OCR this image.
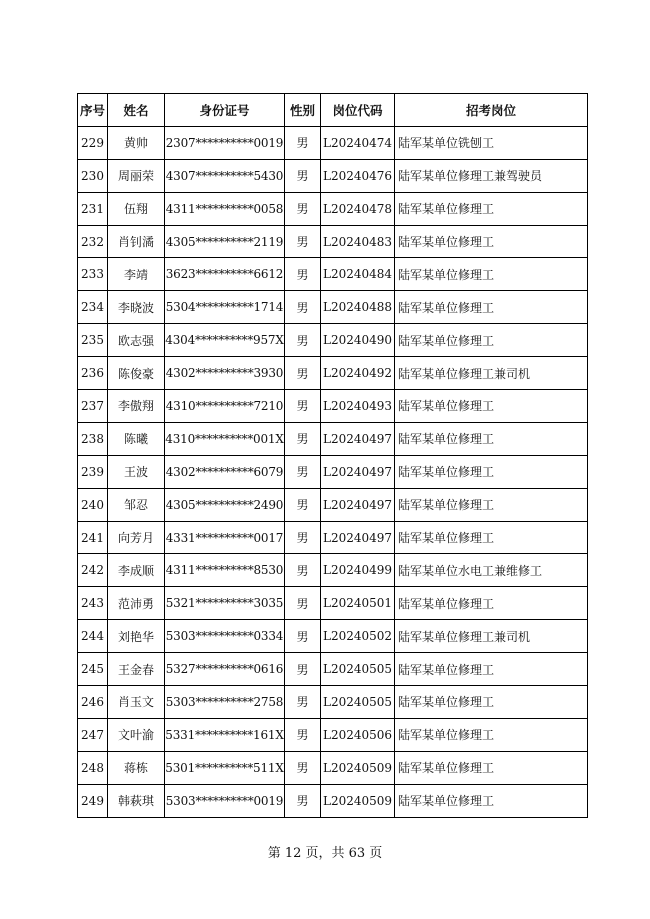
序号	姓名	身份证号	性别	岗位代码	招考岗位
229	黄帅	2307**********0019	男	L20240474	陆军某单位铣刨工
230	周丽荣	4307**********5430	男	L20240476	陆军某单位修理工兼驾驶员
231	伍翔	4311**********0058	男	L20240478	陆军某单位修理工
232	肖钊潏	4305**********2119	男	L20240483	陆军某单位修理工
233	李靖	3623**********6612	男	L20240484	陆军某单位修理工
234	李晓波	5304**********1714	男	L20240488	陆军某单位修理工
235	欧志强	4304**********957X	男	L20240490	陆军某单位修理工
236	陈俊豪	4302**********3930	男	L20240492	陆军某单位修理工兼司机
237	李傲翔	4310**********7210	男	L20240493	陆军某单位修理工
238	陈曦	4310**********001X	男	L20240497	陆军某单位修理工
239	王波	4302**********6079	男	L20240497	陆军某单位修理工
240	邹忍	4305**********2490	男	L20240497	陆军某单位修理工
241	向芳月	4331**********0017	男	L20240497	陆军某单位修理工
242	李成顺	4311**********8530	男	L20240499	陆军某单位水电工兼维修工
243	范沛勇	5321**********3035	男	L20240501	陆军某单位修理工
244	刘艳华	5303**********0334	男	L20240502	陆军某单位修理工兼司机
245	王金春	5327**********0616	男	L20240505	陆军某单位修理工
246	肖玉文	5303**********2758	男	L20240505	陆军某单位修理工
247	文叶渝	5331**********161X	男	L20240506	陆军某单位修理工
248	蒋栋	5301**********511X	男	L20240509	陆军某单位修理工
249	韩萩琪	5303**********0019	男	L20240509	陆军某单位修理工
第 12 页，共 63 页
